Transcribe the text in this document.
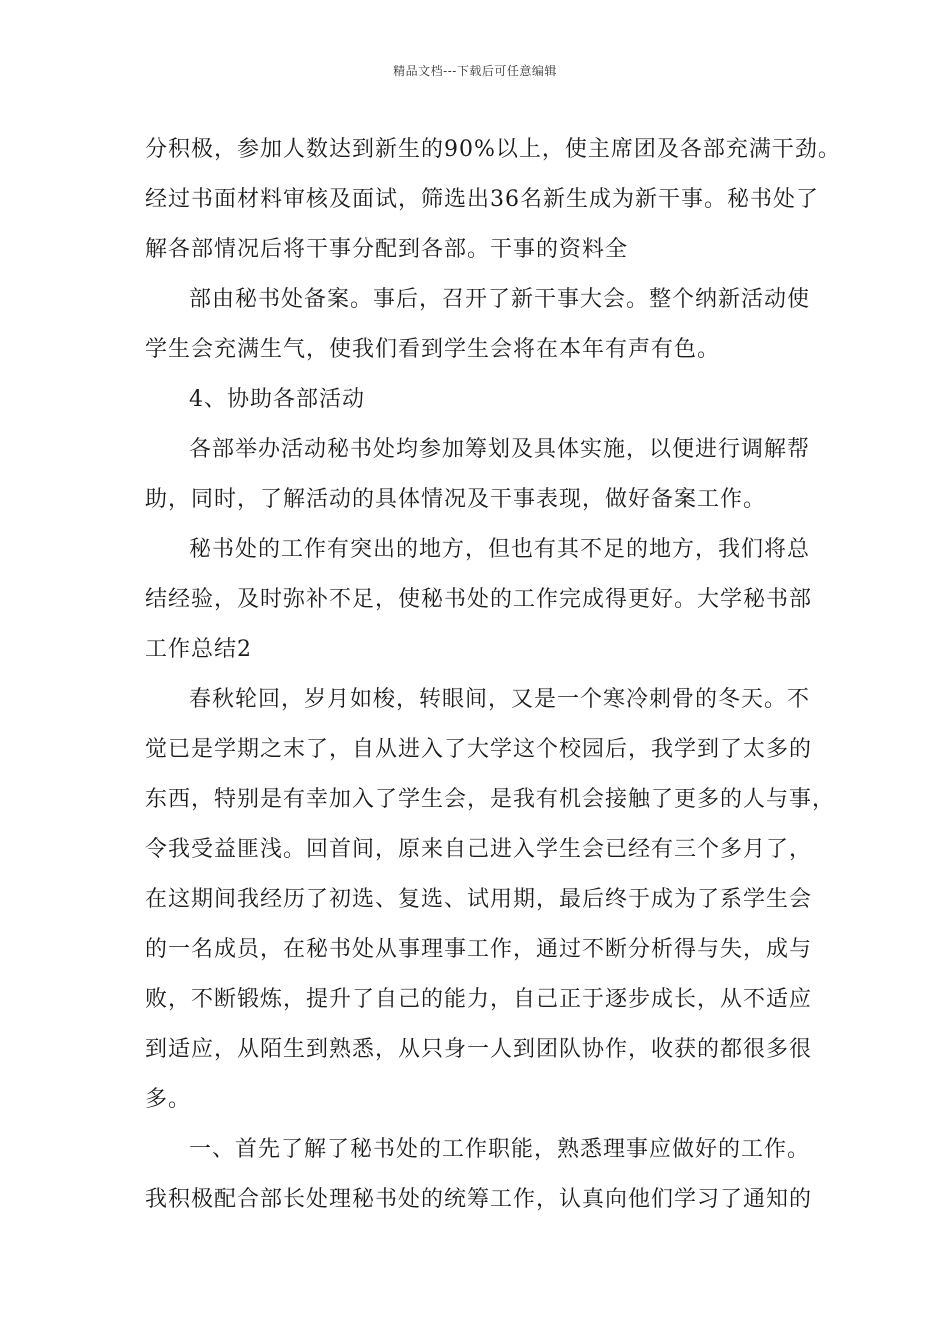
精品文档---下载后可任意编辑
分积极，参加人数达到新生的90%以上，使主席团及各部充满干劲。
经过书面材料审核及面试，筛选出36名新生成为新干事。秘书处了
解各部情况后将干事分配到各部。干事的资料全
部由秘书处备案。事后，召开了新干事大会。整个纳新活动使
学生会充满生气，使我们看到学生会将在本年有声有色。
4、协助各部活动
各部举办活动秘书处均参加筹划及具体实施，以便进行调解帮
助，同时，了解活动的具体情况及干事表现，做好备案工作。
秘书处的工作有突出的地方，但也有其不足的地方，我们将总
结经验，及时弥补不足，使秘书处的工作完成得更好。大学秘书部
工作总结2
春秋轮回，岁月如梭，转眼间，又是一个寒冷刺骨的冬天。不
觉已是学期之末了，自从进入了大学这个校园后，我学到了太多的
东西，特别是有幸加入了学生会，是我有机会接触了更多的人与事，
令我受益匪浅。回首间，原来自己进入学生会已经有三个多月了，
在这期间我经历了初选、复选、试用期，最后终于成为了系学生会
的一名成员，在秘书处从事理事工作，通过不断分析得与失，成与
败，不断锻炼，提升了自己的能力，自己正于逐步成长，从不适应
到适应，从陌生到熟悉，从只身一人到团队协作，收获的都很多很
多。
一、首先了解了秘书处的工作职能，熟悉理事应做好的工作。
我积极配合部长处理秘书处的统筹工作，认真向他们学习了通知的
